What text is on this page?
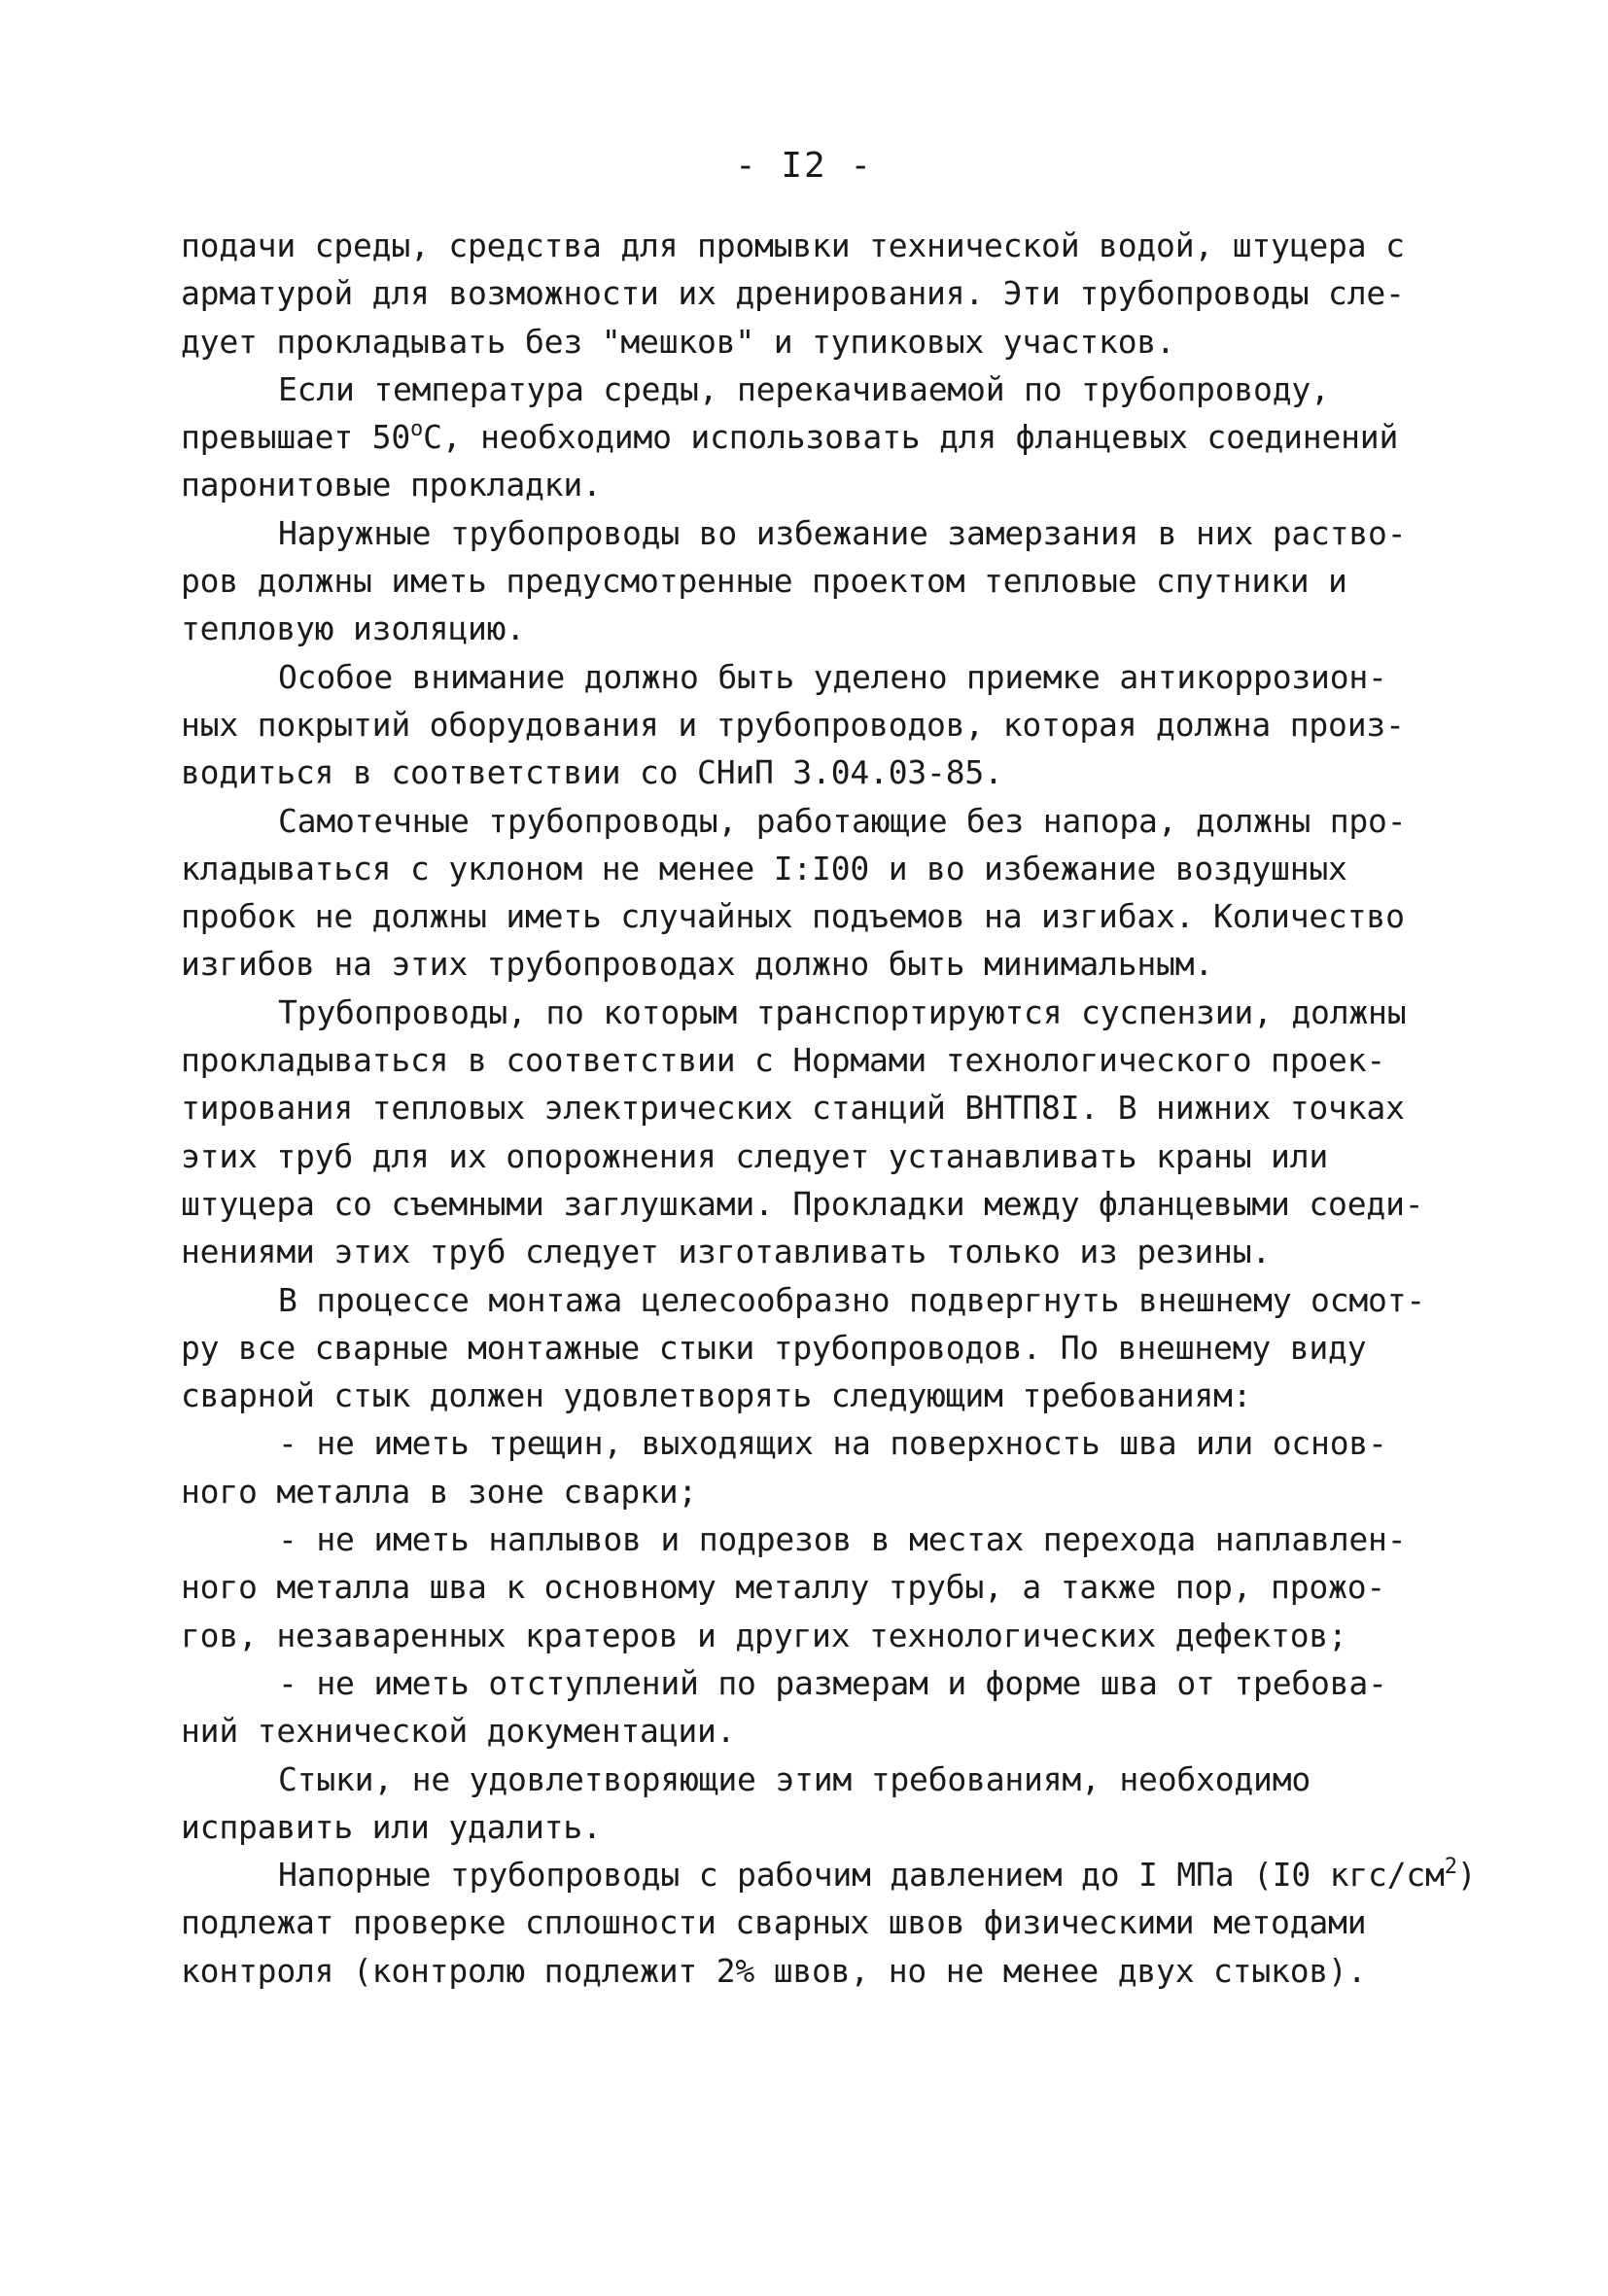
- I2 -
подачи среды, средства для промывки технической водой, штуцера с
арматурой для возможности их дренирования. Эти трубопроводы сле-
дует прокладывать без "мешков" и тупиковых участков.
Если температура среды, перекачиваемой по трубопроводу,
превышает $50^оС$, необходимо использовать для фланцевых соединений
паронитовые прокладки.
Наружные трубопроводы во избежание замерзания в них раство-
ров должны иметь предусмотренные проектом тепловые спутники и
тепловую изоляцию.
Особое внимание должно быть уделено приемке антикоррозион-
ных покрытий оборудования и трубопроводов, которая должна произ-
водиться в соответствии со СНиП 3.04.03-85.
Самотечные трубопроводы, работающие без напора, должны про-
кладываться с уклоном не менее I:I00 и во избежание воздушных
пробок не должны иметь случайных подъемов на изгибах. Количество
изгибов на этих трубопроводах должно быть минимальным.
Трубопроводы, по которым транспортируются суспензии, должны
прокладываться в соответствии с Нормами технологического проек-
тирования тепловых электрических станций ВНТП8I. В нижних точках
этих труб для их опорожнения следует устанавливать краны или
штуцера со съемными заглушками. Прокладки между фланцевыми соеди-
нениями этих труб следует изготавливать только из резины.
В процессе монтажа целесообразно подвергнуть внешнему осмот-
ру все сварные монтажные стыки трубопроводов. По внешнему виду
сварной стык должен удовлетворять следующим требованиям:
- не иметь трещин, выходящих на поверхность шва или основ-
ного металла в зоне сварки;
- не иметь наплывов и подрезов в местах перехода наплавлен-
ного металла шва к основному металлу трубы, а также пор, прожо-
гов, незаваренных кратеров и других технологических дефектов;
- не иметь отступлений по размерам и форме шва от требова-
ний технической документации.
Стыки, не удовлетворяющие этим требованиям, необходимо
исправить или удалить.
Напорные трубопроводы с рабочим давлением до I МПа (I0 кгс/$см^2$)
подлежат проверке сплошности сварных швов физическими методами
контроля (контролю подлежит 2% швов, но не менее двух стыков).
